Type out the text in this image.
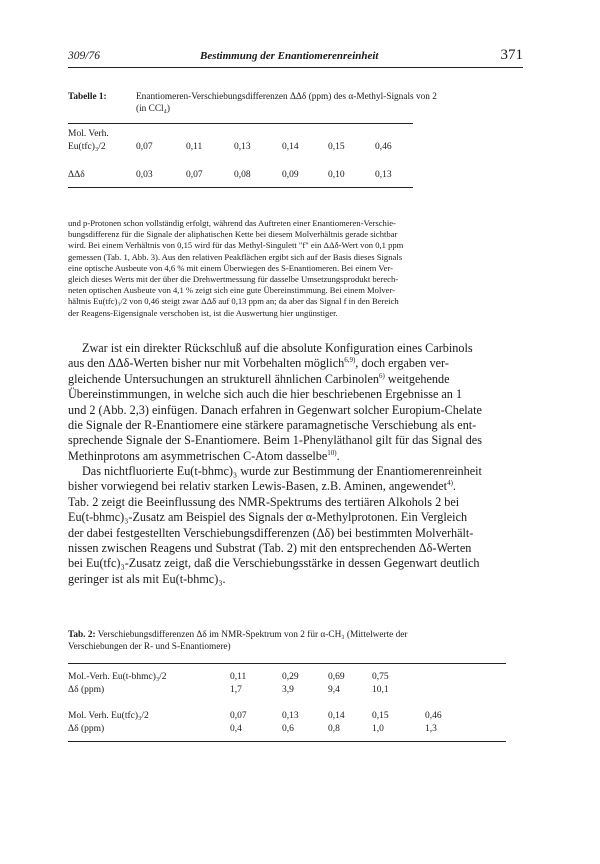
309/76	Bestimmung der Enantiomerenreinheit	371
Tabelle 1:	Enantiomeren-Verschiebungsdifferenzen ΔΔδ (ppm) des α-Methyl-Signals von 2
(in CCl₄)
Mol. Verh.
Eu(tfc)₃/2	0,07	0,11	0,13	0,14	0,15	0,46
ΔΔδ	0,03	0,07	0,08	0,09	0,10	0,13
und p-Protonen schon vollständig erfolgt, während das Auftreten einer Enantiomeren-Verschie-
bungsdifferenz für die Signale der aliphatischen Kette bei diesem Molverhältnis gerade sichtbar
wird. Bei einem Verhältnis von 0,15 wird für das Methyl-Singulett "f" ein ΔΔδ-Wert von 0,1 ppm
gemessen (Tab. 1, Abb. 3). Aus den relativen Peakflächen ergibt sich auf der Basis dieses Signals
eine optische Ausbeute von 4,6 % mit einem Überwiegen des S-Enantiomeren. Bei einem Ver-
gleich dieses Werts mit der über die Drehwertmessung für dasselbe Umsetzungsprodukt berech-
neten optischen Ausbeute von 4,1 % zeigt sich eine gute Übereinstimmung. Bei einem Molver-
hältnis Eu(tfc)₃/2 von 0,46 steigt zwar ΔΔδ auf 0,13 ppm an; da aber das Signal f in den Bereich
der Reagens-Eigensignale verschoben ist, ist die Auswertung hier ungünstiger.
Zwar ist ein direkter Rückschluß auf die absolute Konfiguration eines Carbinols
aus den ΔΔδ-Werten bisher nur mit Vorbehalten möglich$^{6,9)}$, doch ergaben ver-
gleichende Untersuchungen an strukturell ähnlichen Carbinolen$^{6)}$ weitgehende
Übereinstimmungen, in welche sich auch die hier beschriebenen Ergebnisse an 1
und 2 (Abb. 2,3) einfügen. Danach erfahren in Gegenwart solcher Europium-Chelate
die Signale der R-Enantiomere eine stärkere paramagnetische Verschiebung als ent-
sprechende Signale der S-Enantiomere. Beim 1-Phenyläthanol gilt für das Signal des
Methinprotons am asymmetrischen C-Atom dasselbe$^{10)}$.
Das nichtfluorierte Eu(t-bhmc)₃ wurde zur Bestimmung der Enantiomerenreinheit
bisher vorwiegend bei relativ starken Lewis-Basen, z.B. Aminen, angewendet$^{4)}$.
Tab. 2 zeigt die Beeinflussung des NMR-Spektrums des tertiären Alkohols 2 bei
Eu(t-bhmc)₃-Zusatz am Beispiel des Signals der α-Methylprotonen. Ein Vergleich
der dabei festgestellten Verschiebungsdifferenzen (Δδ) bei bestimmten Molverhält-
nissen zwischen Reagens und Substrat (Tab. 2) mit den entsprechenden Δδ-Werten
bei Eu(tfc)₃-Zusatz zeigt, daß die Verschiebungsstärke in dessen Gegenwart deutlich
geringer ist als mit Eu(t-bhmc)₃.
Tab. 2: Verschiebungsdifferenzen Δδ im NMR-Spektrum von 2 für α-CH₃ (Mittelwerte der
Verschiebungen der R- und S-Enantiomere)
Mol.-Verh. Eu(t-bhmc)₃/2	0,11	0,29	0,69	0,75
Δδ (ppm)	1,7	3,9	9,4	10,1
Mol. Verh. Eu(tfc)₃/2	0,07	0,13	0,14	0,15	0,46
Δδ (ppm)	0,4	0,6	0,8	1,0	1,3
